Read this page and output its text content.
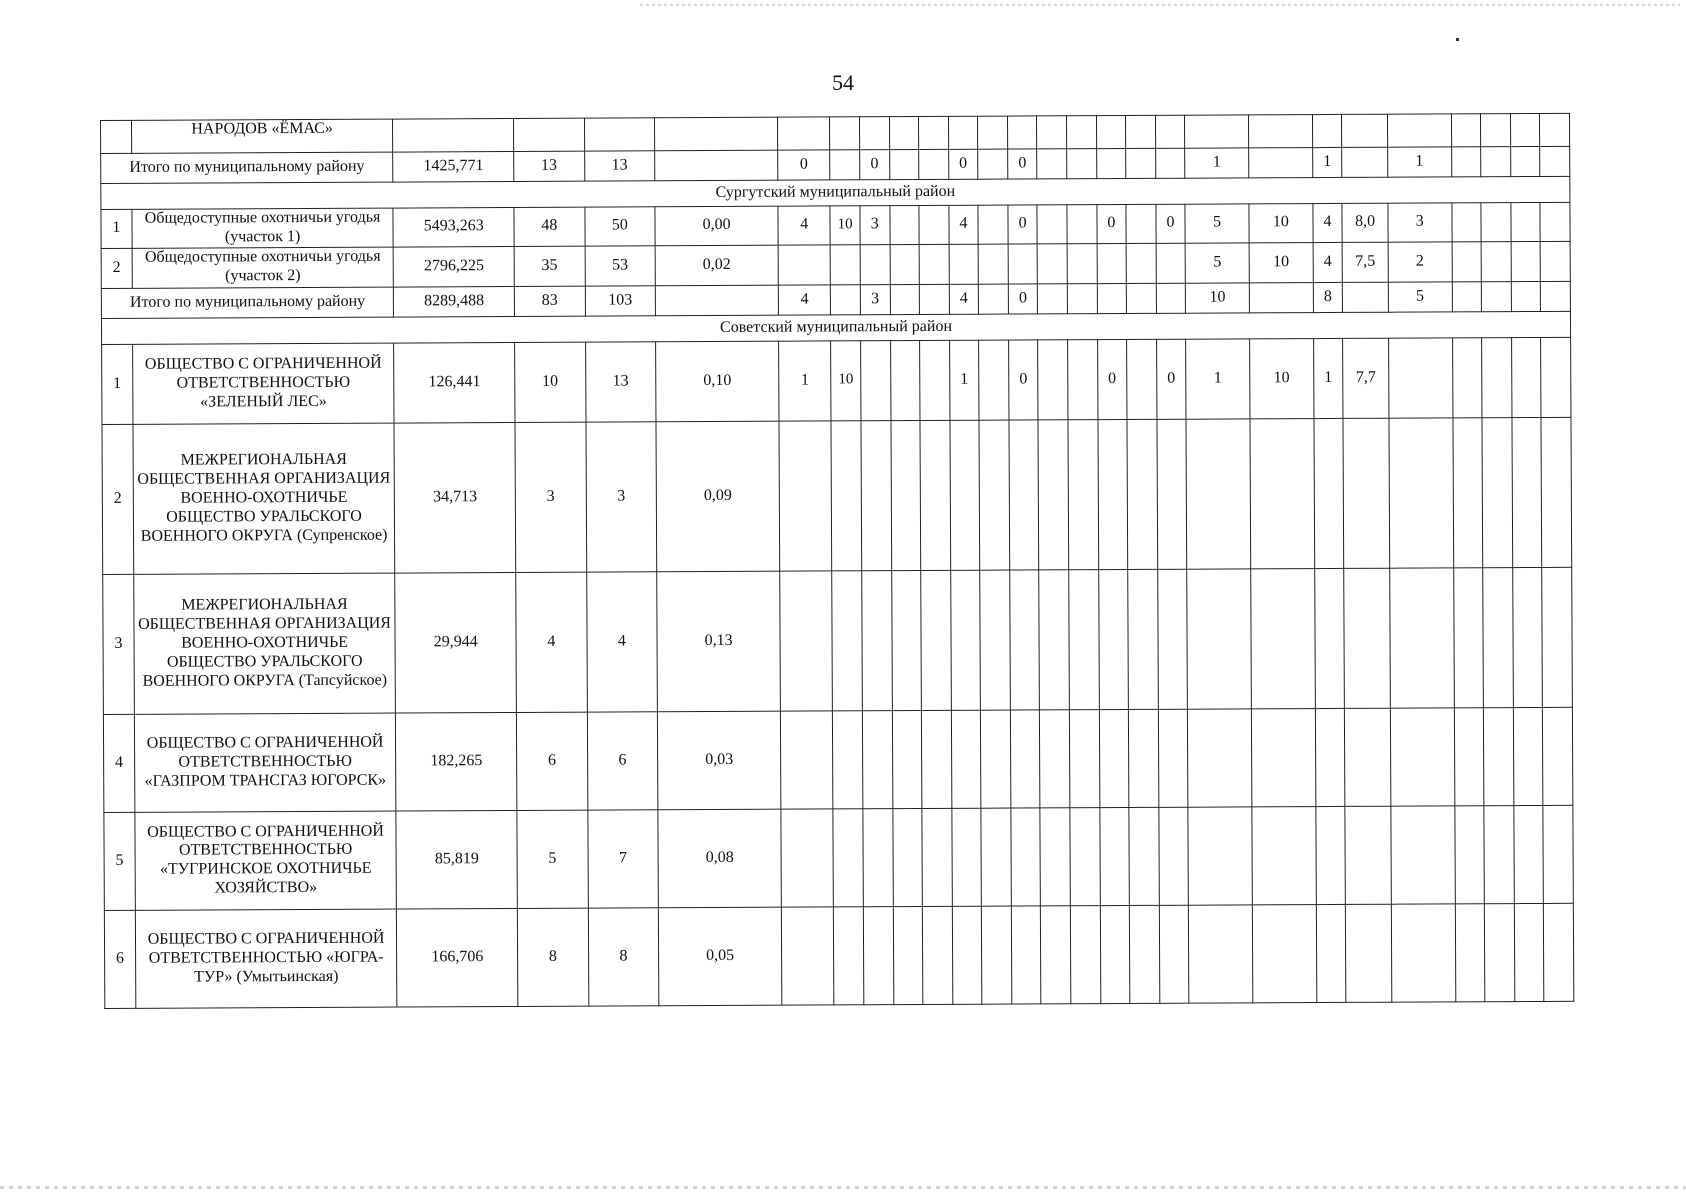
54
	НАРОДОВ «ЁМАС»																										
Итого по муниципальному району		1425,771	13	13		0		0			0		0						1		1		1				
Сургутский муниципальный район																											
1	Общедоступные охотничьи угодья (участок 1)	5493,263	48	50	0,00	4	10	3			4		0			0		0	5	10	4	8,0	3				
2	Общедоступные охотничьи угодья (участок 2)	2796,225	35	53	0,02														5	10	4	7,5	2				
Итого по муниципальному району		8289,488	83	103		4		3			4		0						10		8		5				
Советский муниципальный район																											
1	ОБЩЕСТВО С ОГРАНИЧЕННОЙ ОТВЕТСТВЕННОСТЬЮ «ЗЕЛЕНЫЙ ЛЕС»	126,441	10	13	0,10	1	10				1		0			0		0	1	10	1	7,7					
2	МЕЖРЕГИОНАЛЬНАЯ ОБЩЕСТВЕННАЯ ОРГАНИЗАЦИЯ ВОЕННО-ОХОТНИЧЬЕ ОБЩЕСТВО УРАЛЬСКОГО ВОЕННОГО ОКРУГА (Супренское)	34,713	3	3	0,09																						
3	МЕЖРЕГИОНАЛЬНАЯ ОБЩЕСТВЕННАЯ ОРГАНИЗАЦИЯ ВОЕННО-ОХОТНИЧЬЕ ОБЩЕСТВО УРАЛЬСКОГО ВОЕННОГО ОКРУГА (Тапсуйское)	29,944	4	4	0,13																						
4	ОБЩЕСТВО С ОГРАНИЧЕННОЙ ОТВЕТСТВЕННОСТЬЮ «ГАЗПРОМ ТРАНСГАЗ ЮГОРСК»	182,265	6	6	0,03																						
5	ОБЩЕСТВО С ОГРАНИЧЕННОЙ ОТВЕТСТВЕННОСТЬЮ «ТУГРИНСКОЕ ОХОТНИЧЬЕ ХОЗЯЙСТВО»	85,819	5	7	0,08																						
6	ОБЩЕСТВО С ОГРАНИЧЕННОЙ ОТВЕТСТВЕННОСТЬЮ «ЮГРА-ТУР» (Умытьинская)	166,706	8	8	0,05																						
